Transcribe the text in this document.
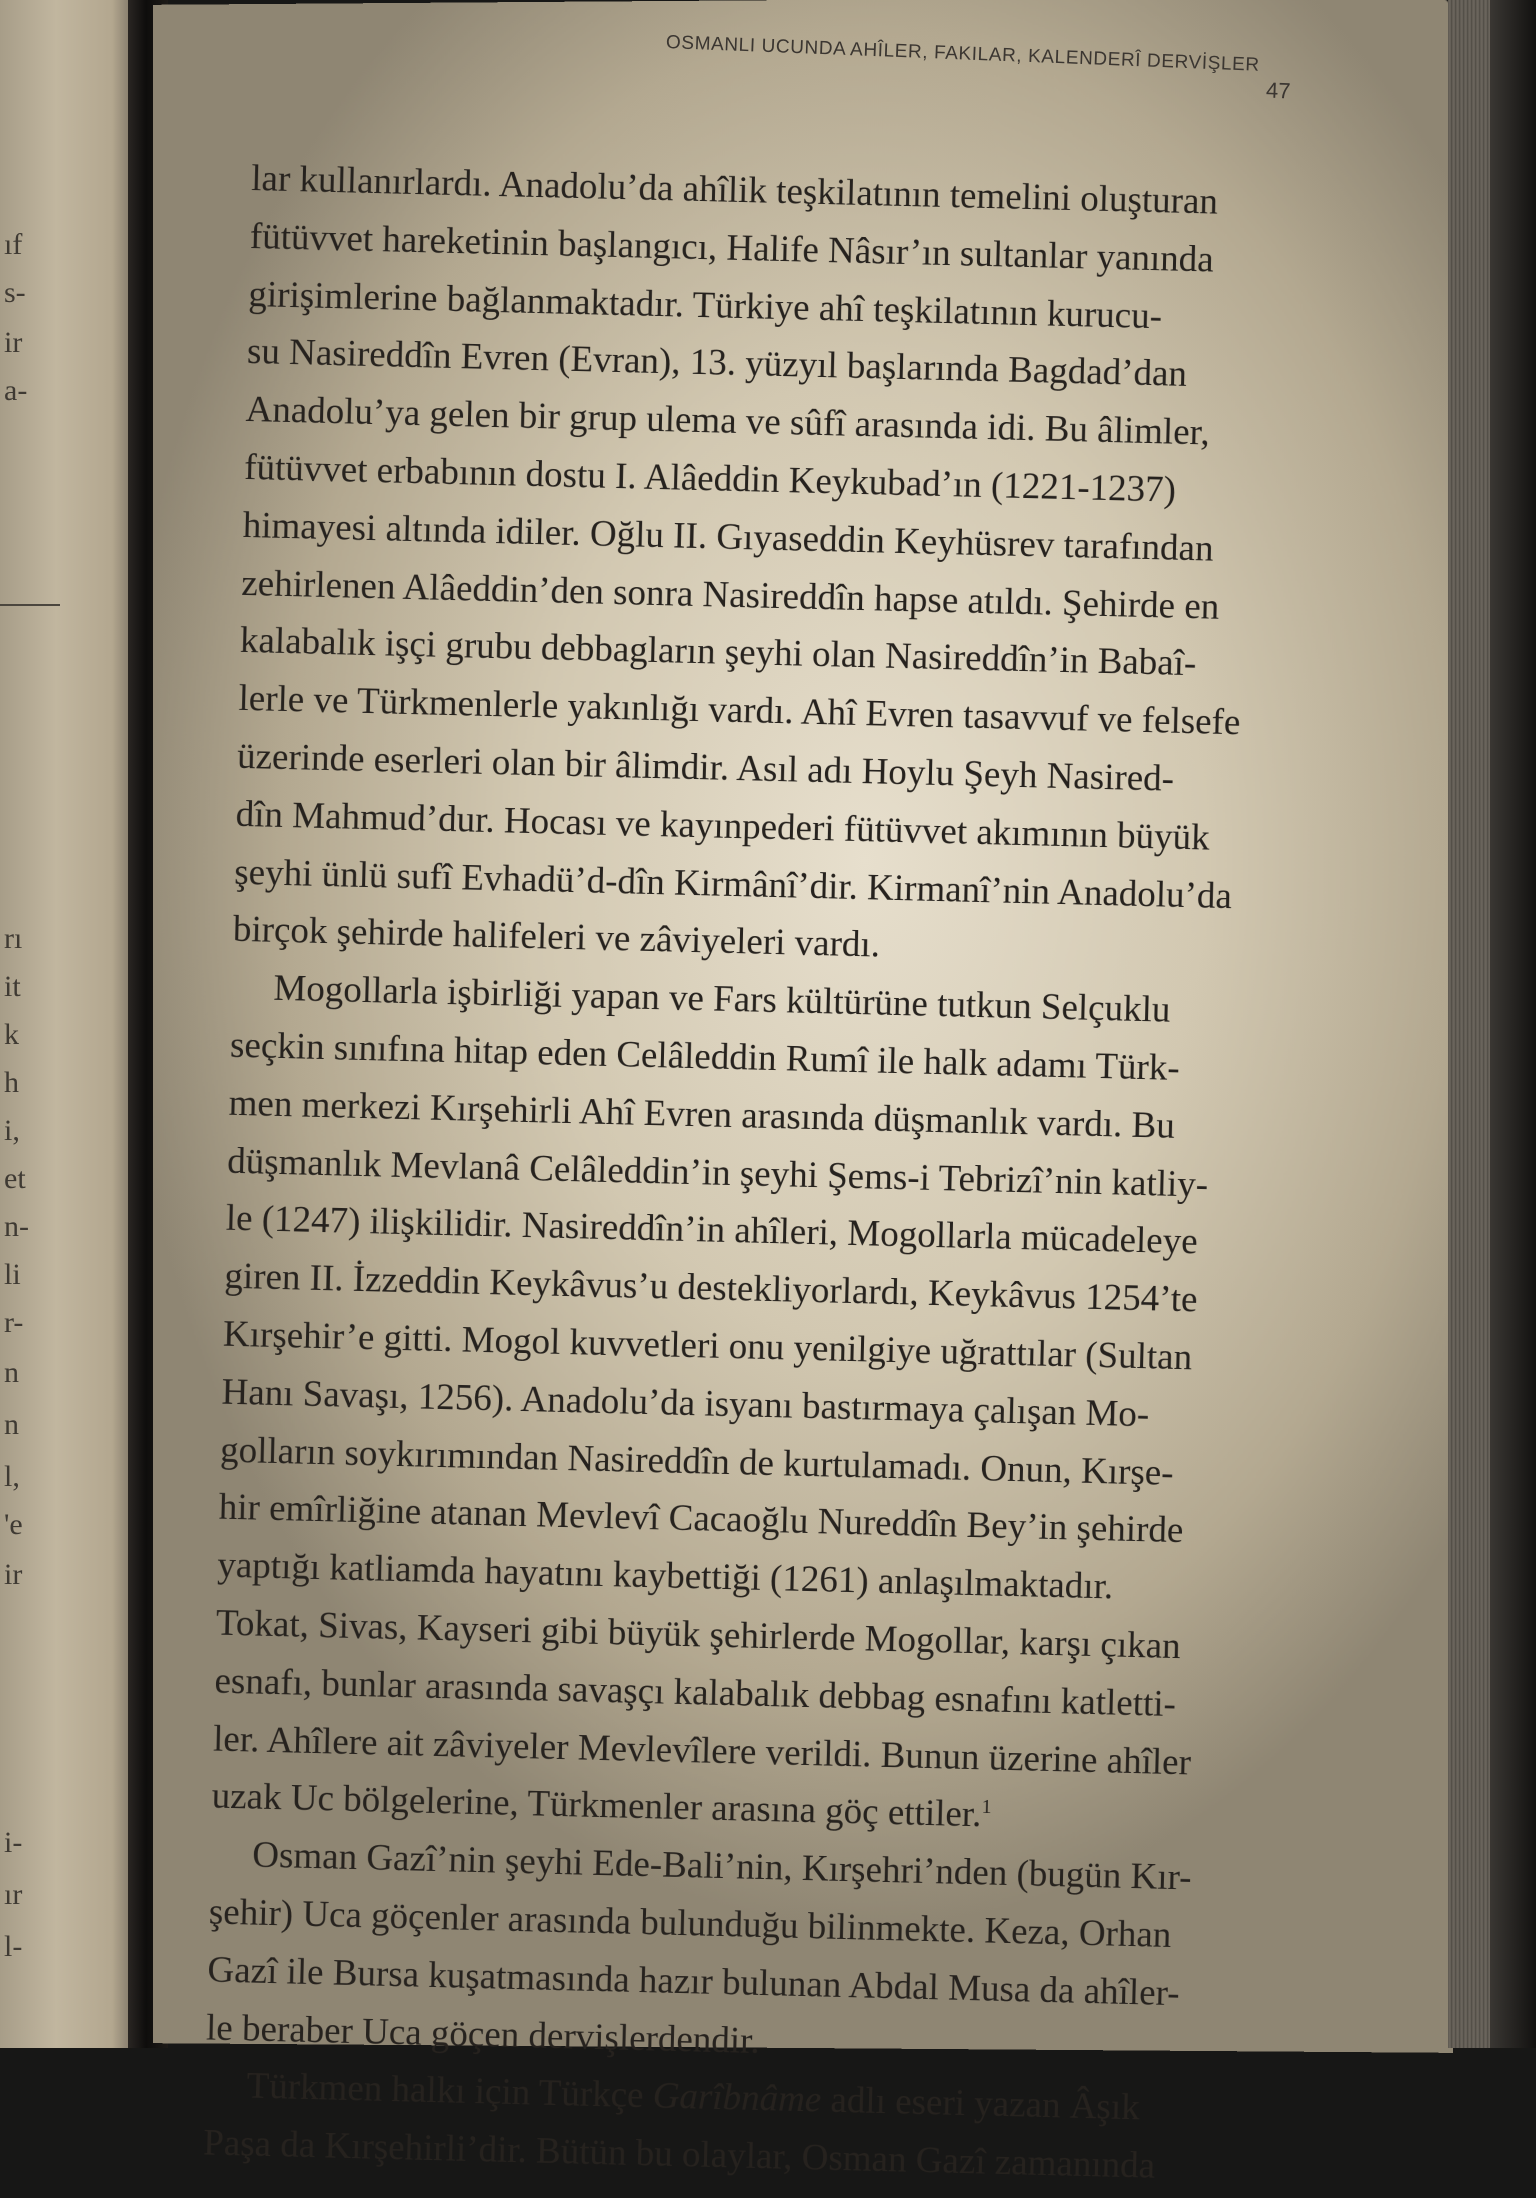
ıf
s-
ir
a-
rı
it
k
h
i,
et
n-
li
r-
n
n
l,
'e
ir
i-
ır
l-
OSMANLI UCUNDA AHÎLER, FAKILAR, KALENDERÎ DERVİŞLER
47
lar kullanırlardı. Anadolu’da ahîlik teşkilatının temelini oluşturan
fütüvvet hareketinin başlangıcı, Halife Nâsır’ın sultanlar yanında
girişimlerine bağlanmaktadır. Türkiye ahî teşkilatının kurucu-
su Nasireddîn Evren (Evran), 13. yüzyıl başlarında Bagdad’dan
Anadolu’ya gelen bir grup ulema ve sûfî arasında idi. Bu âlimler,
fütüvvet erbabının dostu I. Alâeddin Keykubad’ın (1221-1237)
himayesi altında idiler. Oğlu II. Gıyaseddin Keyhüsrev tarafından
zehirlenen Alâeddin’den sonra Nasireddîn hapse atıldı. Şehirde en
kalabalık işçi grubu debbagların şeyhi olan Nasireddîn’in Babaî-
lerle ve Türkmenlerle yakınlığı vardı. Ahî Evren tasavvuf ve felsefe
üzerinde eserleri olan bir âlimdir. Asıl adı Hoylu Şeyh Nasired-
dîn Mahmud’dur. Hocası ve kayınpederi fütüvvet akımının büyük
şeyhi ünlü sufî Evhadü’d-dîn Kirmânî’dir. Kirmanî’nin Anadolu’da
birçok şehirde halifeleri ve zâviyeleri vardı.
Mogollarla işbirliği yapan ve Fars kültürüne tutkun Selçuklu
seçkin sınıfına hitap eden Celâleddin Rumî ile halk adamı Türk-
men merkezi Kırşehirli Ahî Evren arasında düşmanlık vardı. Bu
düşmanlık Mevlanâ Celâleddin’in şeyhi Şems-i Tebrizî’nin katliy-
le (1247) ilişkilidir. Nasireddîn’in ahîleri, Mogollarla mücadeleye
giren II. İzzeddin Keykâvus’u destekliyorlardı, Keykâvus 1254’te
Kırşehir’e gitti. Mogol kuvvetleri onu yenilgiye uğrattılar (Sultan
Hanı Savaşı, 1256). Anadolu’da isyanı bastırmaya çalışan Mo-
golların soykırımından Nasireddîn de kurtulamadı. Onun, Kırşe-
hir emîrliğine atanan Mevlevî Cacaoğlu Nureddîn Bey’in şehirde
yaptığı katliamda hayatını kaybettiği (1261) anlaşılmaktadır.
Tokat, Sivas, Kayseri gibi büyük şehirlerde Mogollar, karşı çıkan
esnafı, bunlar arasında savaşçı kalabalık debbag esnafını katletti-
ler. Ahîlere ait zâviyeler Mevlevîlere verildi. Bunun üzerine ahîler
uzak Uc bölgelerine, Türkmenler arasına göç ettiler.$^1$
Osman Gazî’nin şeyhi Ede-Bali’nin, Kırşehri’nden (bugün Kır-
şehir) Uca göçenler arasında bulunduğu bilinmekte. Keza, Orhan
Gazî ile Bursa kuşatmasında hazır bulunan Abdal Musa da ahîler-
le beraber Uca göçen dervişlerdendir.
Türkmen halkı için Türkçe Garîbnâme adlı eseri yazan Âşık
Paşa da Kırşehirli’dir. Bütün bu olaylar, Osman Gazî zamanında
